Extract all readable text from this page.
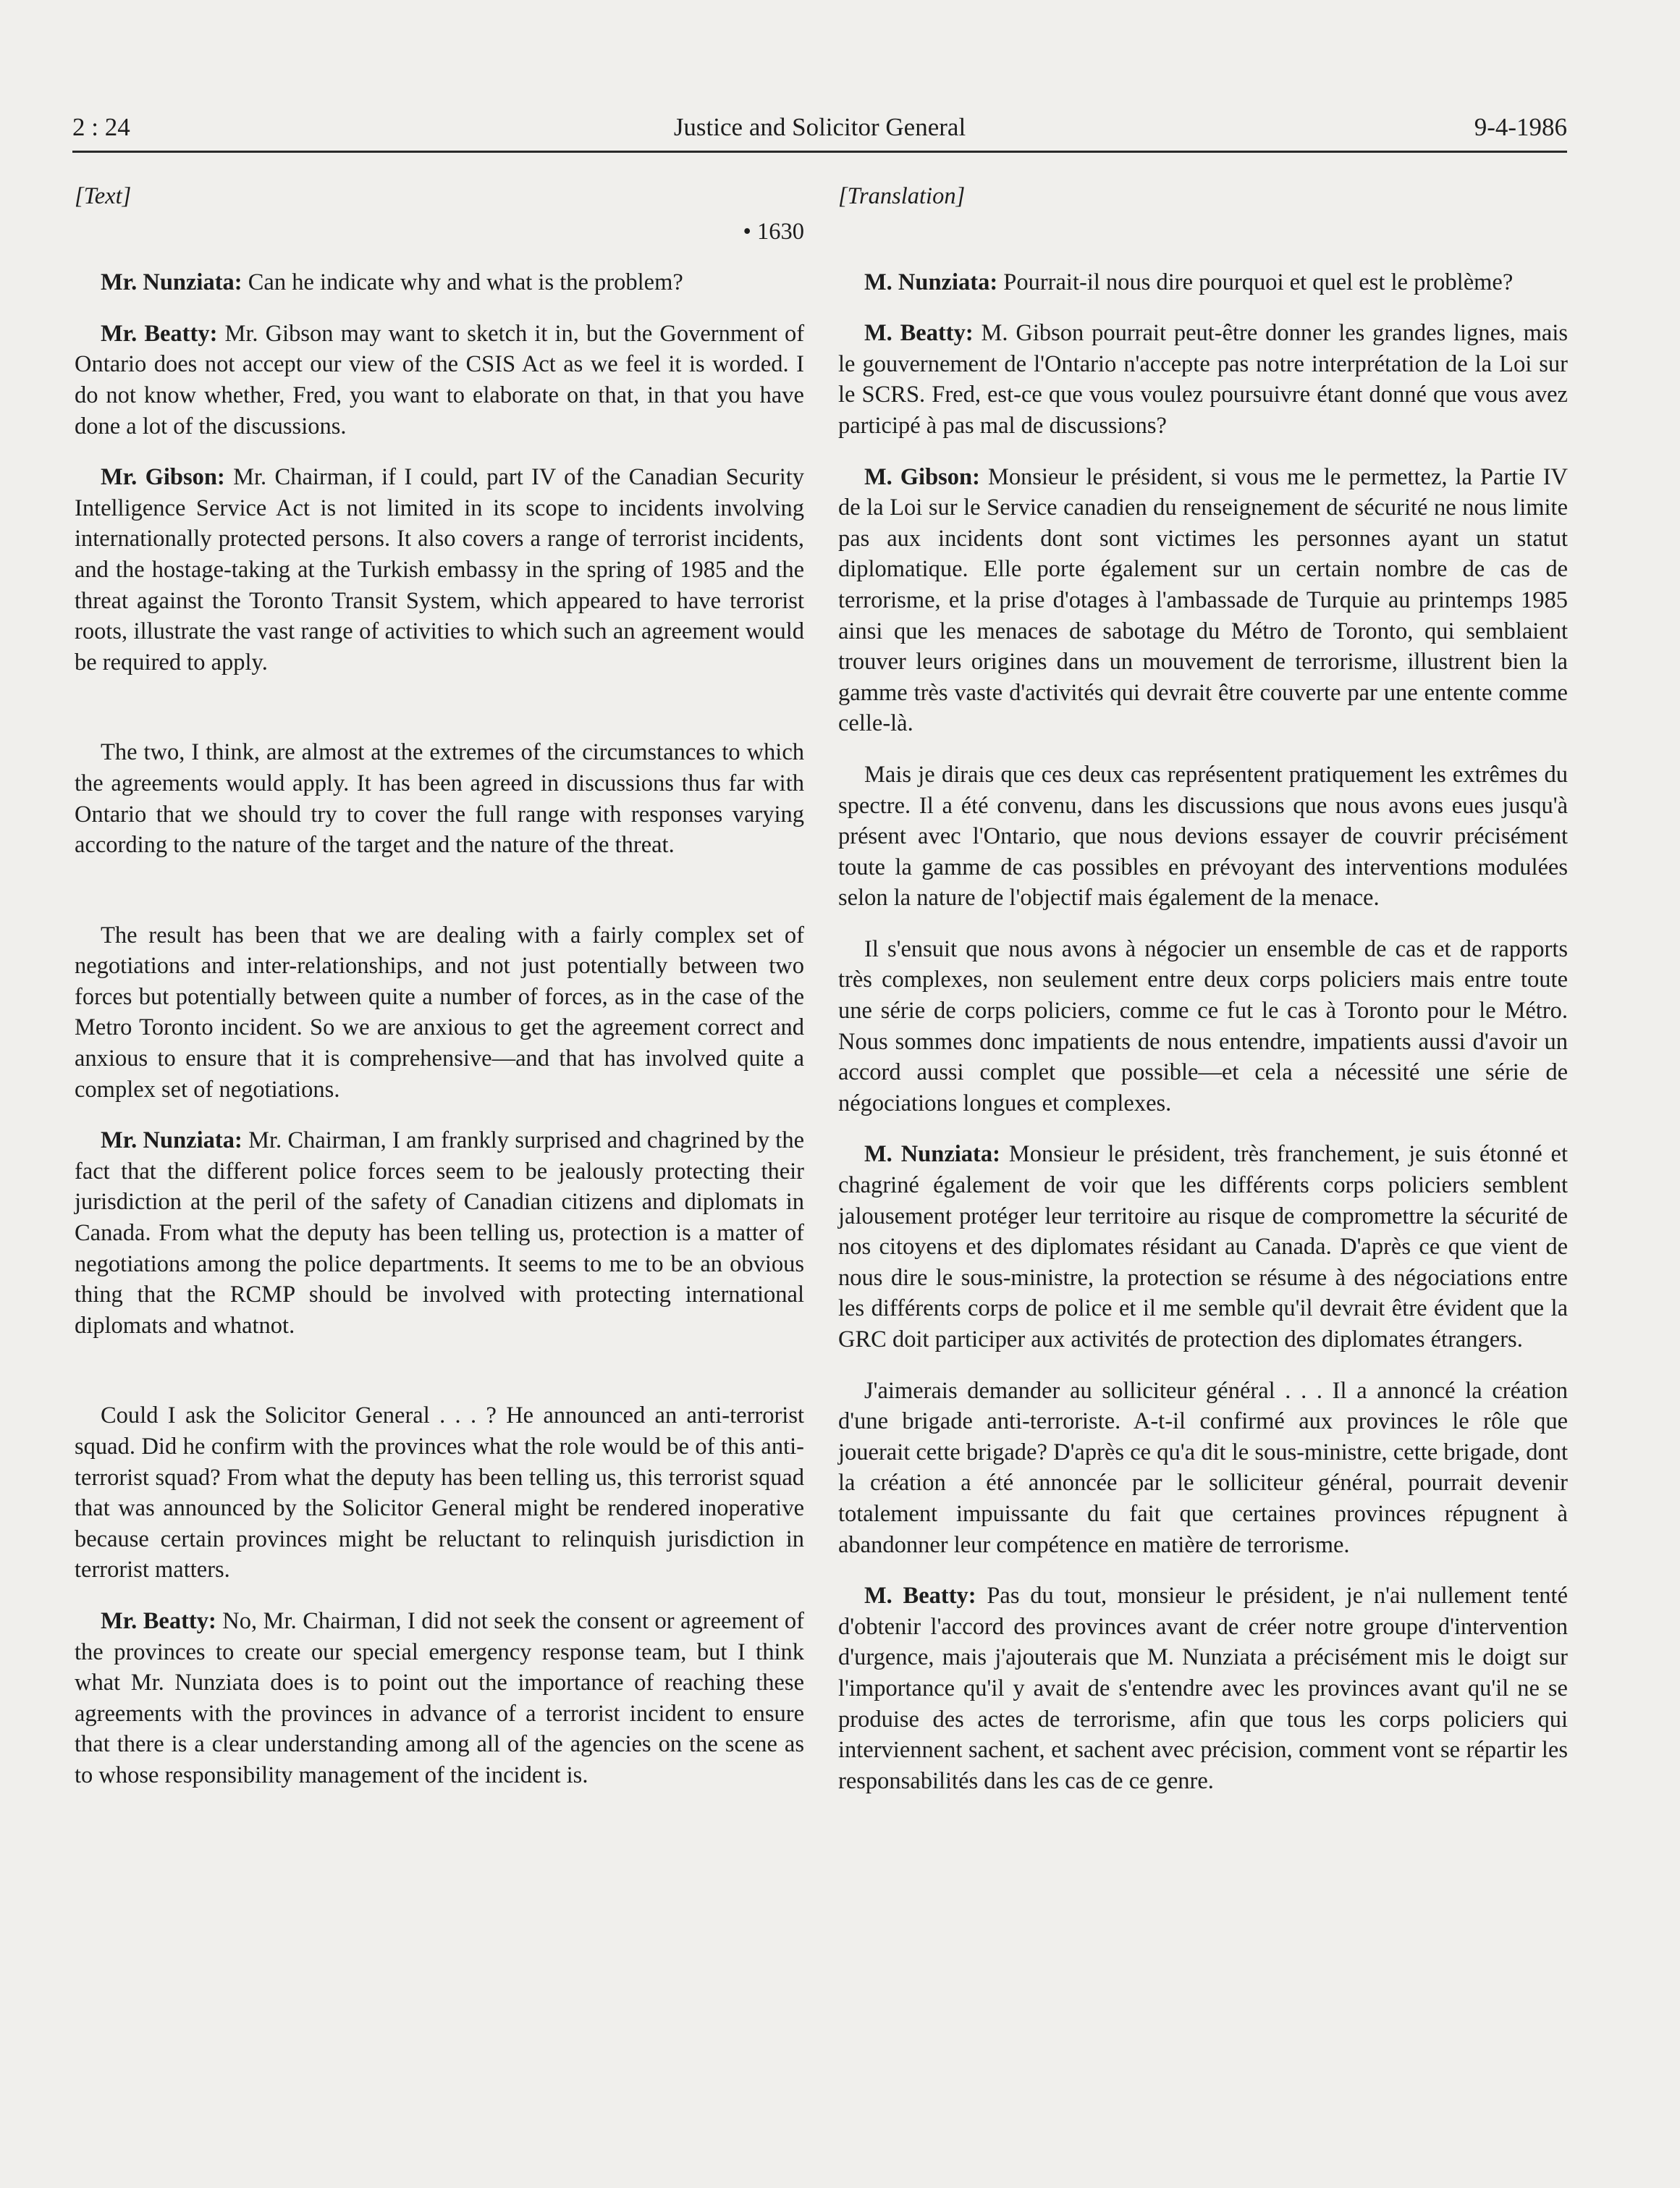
2 : 24	Justice and Solicitor General	9-4-1986
[Text]
• 1630

Mr. Nunziata: Can he indicate why and what is the problem?

Mr. Beatty: Mr. Gibson may want to sketch it in, but the Government of Ontario does not accept our view of the CSIS Act as we feel it is worded. I do not know whether, Fred, you want to elaborate on that, in that you have done a lot of the discussions.

Mr. Gibson: Mr. Chairman, if I could, part IV of the Canadian Security Intelligence Service Act is not limited in its scope to incidents involving internationally protected persons. It also covers a range of terrorist incidents, and the hostage-taking at the Turkish embassy in the spring of 1985 and the threat against the Toronto Transit System, which appeared to have terrorist roots, illustrate the vast range of activities to which such an agreement would be required to apply.

The two, I think, are almost at the extremes of the circumstances to which the agreements would apply. It has been agreed in discussions thus far with Ontario that we should try to cover the full range with responses varying according to the nature of the target and the nature of the threat.

The result has been that we are dealing with a fairly complex set of negotiations and inter-relationships, and not just potentially between two forces but potentially between quite a number of forces, as in the case of the Metro Toronto incident. So we are anxious to get the agreement correct and anxious to ensure that it is comprehensive—and that has involved quite a complex set of negotiations.

Mr. Nunziata: Mr. Chairman, I am frankly surprised and chagrined by the fact that the different police forces seem to be jealously protecting their jurisdiction at the peril of the safety of Canadian citizens and diplomats in Canada. From what the deputy has been telling us, protection is a matter of negotiations among the police departments. It seems to me to be an obvious thing that the RCMP should be involved with protecting international diplomats and whatnot.

Could I ask the Solicitor General . . . ? He announced an anti-terrorist squad. Did he confirm with the provinces what the role would be of this anti-terrorist squad? From what the deputy has been telling us, this terrorist squad that was announced by the Solicitor General might be rendered inoperative because certain provinces might be reluctant to relinquish jurisdiction in terrorist matters.

Mr. Beatty: No, Mr. Chairman, I did not seek the consent or agreement of the provinces to create our special emergency response team, but I think what Mr. Nunziata does is to point out the importance of reaching these agreements with the provinces in advance of a terrorist incident to ensure that there is a clear understanding among all of the agencies on the scene as to whose responsibility management of the incident is.

[Translation]

M. Nunziata: Pourrait-il nous dire pourquoi et quel est le problème?

M. Beatty: M. Gibson pourrait peut-être donner les grandes lignes, mais le gouvernement de l'Ontario n'accepte pas notre interprétation de la Loi sur le SCRS. Fred, est-ce que vous voulez poursuivre étant donné que vous avez participé à pas mal de discussions?

M. Gibson: Monsieur le président, si vous me le permettez, la Partie IV de la Loi sur le Service canadien du renseignement de sécurité ne nous limite pas aux incidents dont sont victimes les personnes ayant un statut diplomatique. Elle porte également sur un certain nombre de cas de terrorisme, et la prise d'otages à l'ambassade de Turquie au printemps 1985 ainsi que les menaces de sabotage du Métro de Toronto, qui semblaient trouver leurs origines dans un mouvement de terrorisme, illustrent bien la gamme très vaste d'activités qui devrait être couverte par une entente comme celle-là.

Mais je dirais que ces deux cas représentent pratiquement les extrêmes du spectre. Il a été convenu, dans les discussions que nous avons eues jusqu'à présent avec l'Ontario, que nous devions essayer de couvrir précisément toute la gamme de cas possibles en prévoyant des interventions modulées selon la nature de l'objectif mais également de la menace.

Il s'ensuit que nous avons à négocier un ensemble de cas et de rapports très complexes, non seulement entre deux corps policiers mais entre toute une série de corps policiers, comme ce fut le cas à Toronto pour le Métro. Nous sommes donc impatients de nous entendre, impatients aussi d'avoir un accord aussi complet que possible—et cela a nécessité une série de négociations longues et complexes.

M. Nunziata: Monsieur le président, très franchement, je suis étonné et chagriné également de voir que les différents corps policiers semblent jalousement protéger leur territoire au risque de compromettre la sécurité de nos citoyens et des diplomates résidant au Canada. D'après ce que vient de nous dire le sous-ministre, la protection se résume à des négociations entre les différents corps de police et il me semble qu'il devrait être évident que la GRC doit participer aux activités de protection des diplomates étrangers.

J'aimerais demander au solliciteur général . . . Il a annoncé la création d'une brigade anti-terroriste. A-t-il confirmé aux provinces le rôle que jouerait cette brigade? D'après ce qu'a dit le sous-ministre, cette brigade, dont la création a été annoncée par le solliciteur général, pourrait devenir totalement impuissante du fait que certaines provinces répugnent à abandonner leur compétence en matière de terrorisme.

M. Beatty: Pas du tout, monsieur le président, je n'ai nullement tenté d'obtenir l'accord des provinces avant de créer notre groupe d'intervention d'urgence, mais j'ajouterais que M. Nunziata a précisément mis le doigt sur l'importance qu'il y avait de s'entendre avec les provinces avant qu'il ne se produise des actes de terrorisme, afin que tous les corps policiers qui interviennent sachent, et sachent avec précision, comment vont se répartir les responsabilités dans les cas de ce genre.
